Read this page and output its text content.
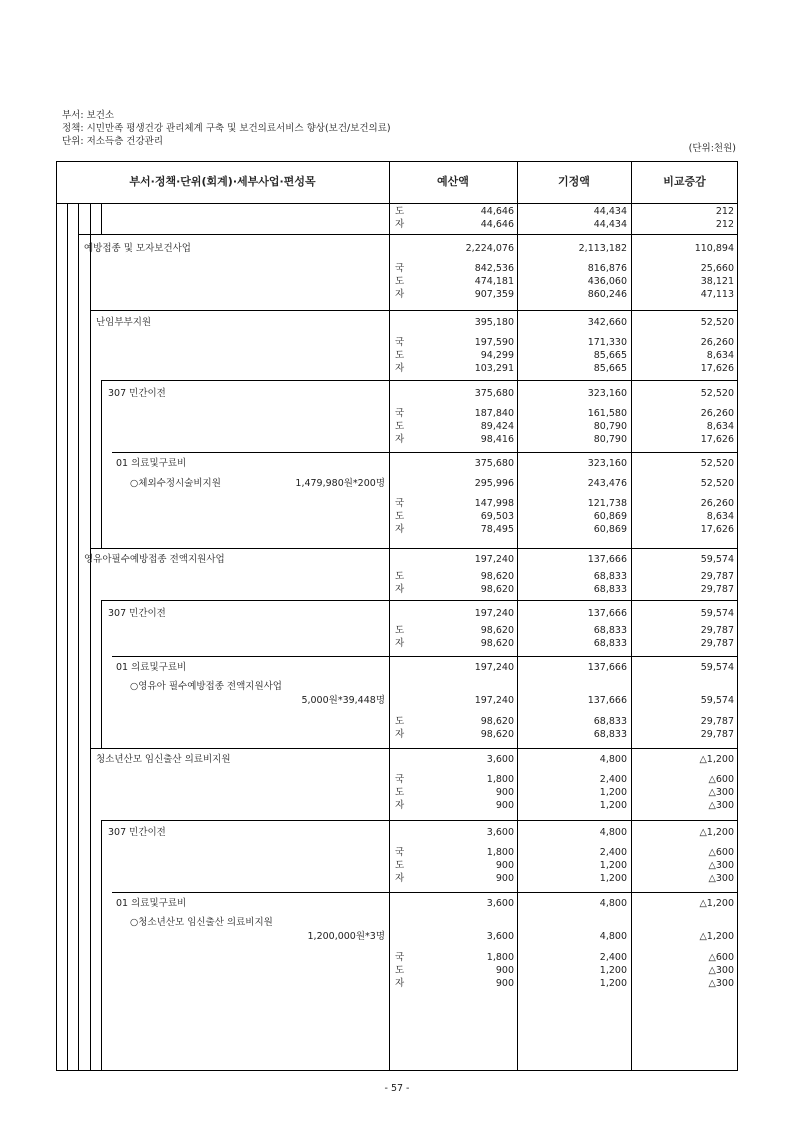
부서: 보건소
정책: 시민만족 평생건강 관리체계 구축 및 보건의료서비스 향상(보건/보건의료)
단위: 저소득층 건강관리
(단위:천원)
부서·정책·단위(회계)·세부사업·편성목	예산액	기정액	비교증감
도	44,646	44,434	212
자	44,646	44,434	212
예방접종 및 모자보건사업	2,224,076	2,113,182	110,894
국	842,536	816,876	25,660
도	474,181	436,060	38,121
자	907,359	860,246	47,113
난임부부지원	395,180	342,660	52,520
국	197,590	171,330	26,260
도	94,299	85,665	8,634
자	103,291	85,665	17,626
307 민간이전	375,680	323,160	52,520
국	187,840	161,580	26,260
도	89,424	80,790	8,634
자	98,416	80,790	17,626
01 의료및구료비	375,680	323,160	52,520
○체외수정시술비지원	1,479,980원*200명	295,996	243,476	52,520
국	147,998	121,738	26,260
도	69,503	60,869	8,634
자	78,495	60,869	17,626
영유아필수예방접종 전액지원사업	197,240	137,666	59,574
도	98,620	68,833	29,787
자	98,620	68,833	29,787
307 민간이전	197,240	137,666	59,574
도	98,620	68,833	29,787
자	98,620	68,833	29,787
01 의료및구료비	197,240	137,666	59,574
○영유아 필수예방접종 전액지원사업
5,000원*39,448명	197,240	137,666	59,574
도	98,620	68,833	29,787
자	98,620	68,833	29,787
청소년산모 임신출산 의료비지원	3,600	4,800	△1,200
국	1,800	2,400	△600
도	900	1,200	△300
자	900	1,200	△300
307 민간이전	3,600	4,800	△1,200
국	1,800	2,400	△600
도	900	1,200	△300
자	900	1,200	△300
01 의료및구료비	3,600	4,800	△1,200
○청소년산모 임신출산 의료비지원
1,200,000원*3명	3,600	4,800	△1,200
국	1,800	2,400	△600
도	900	1,200	△300
자	900	1,200	△300
- 57 -
